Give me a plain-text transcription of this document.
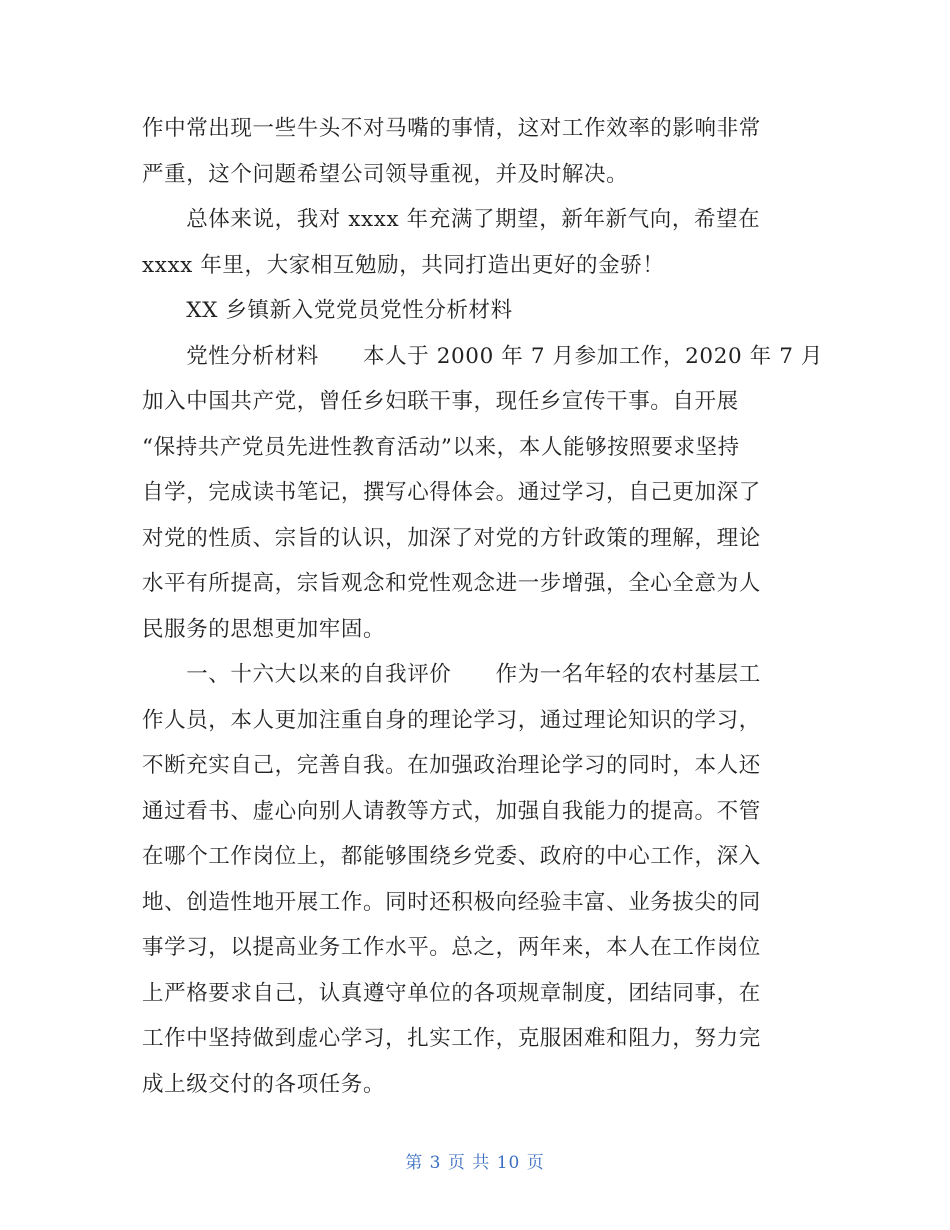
作中常出现一些牛头不对马嘴的事情，这对工作效率的影响非常
严重，这个问题希望公司领导重视，并及时解决。
　　总体来说，我对 xxxx 年充满了期望，新年新气向，希望在
xxxx 年里，大家相互勉励，共同打造出更好的金骄！
　　XX 乡镇新入党党员党性分析材料
　　党性分析材料　　本人于 2000 年 7 月参加工作，2020 年 7 月
加入中国共产党，曾任乡妇联干事，现任乡宣传干事。自开展
“保持共产党员先进性教育活动”以来，本人能够按照要求坚持
自学，完成读书笔记，撰写心得体会。通过学习，自己更加深了
对党的性质、宗旨的认识，加深了对党的方针政策的理解，理论
水平有所提高，宗旨观念和党性观念进一步增强，全心全意为人
民服务的思想更加牢固。
　　一、十六大以来的自我评价　　作为一名年轻的农村基层工
作人员，本人更加注重自身的理论学习，通过理论知识的学习，
不断充实自己，完善自我。在加强政治理论学习的同时，本人还
通过看书、虚心向别人请教等方式，加强自我能力的提高。不管
在哪个工作岗位上，都能够围绕乡党委、政府的中心工作，深入
地、创造性地开展工作。同时还积极向经验丰富、业务拔尖的同
事学习，以提高业务工作水平。总之，两年来，本人在工作岗位
上严格要求自己，认真遵守单位的各项规章制度，团结同事，在
工作中坚持做到虚心学习，扎实工作，克服困难和阻力，努力完
成上级交付的各项任务。
第 3 页 共 10 页
